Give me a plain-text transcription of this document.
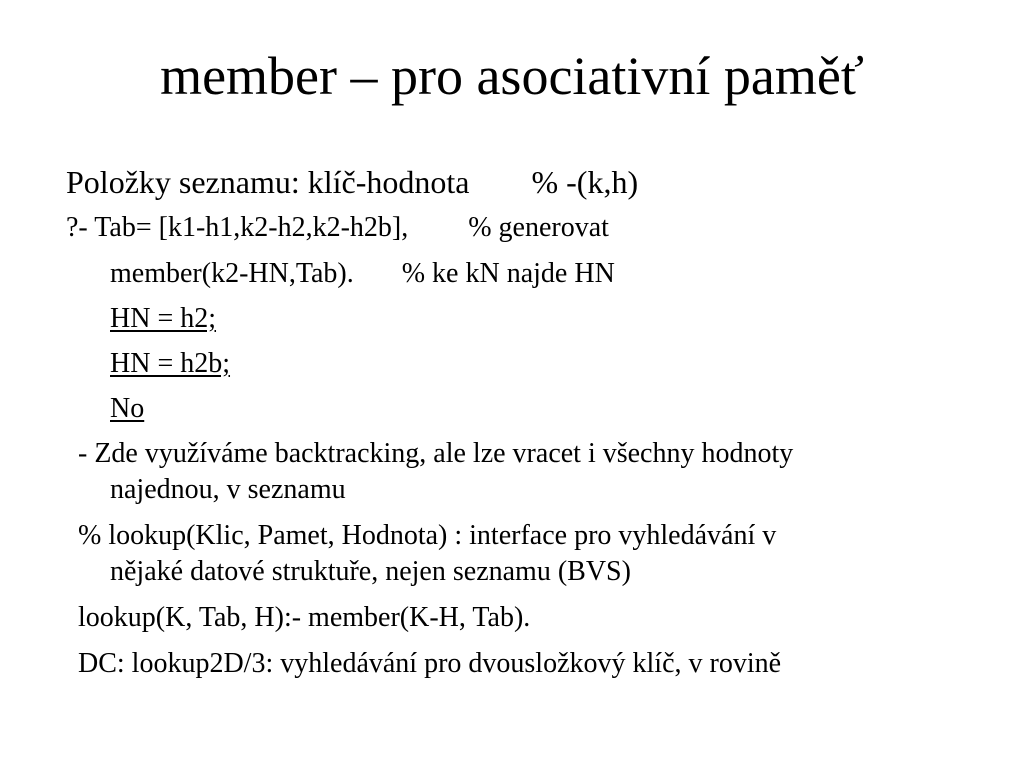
member – pro asociativní paměť
Položky seznamu: klíč-hodnota % -(k,h)
?- Tab= [k1-h1,k2-h2,k2-h2b], % generovat
member(k2-HN,Tab). % ke kN najde HN
HN = h2;
HN = h2b;
No
- Zde využíváme backtracking, ale lze vracet i všechny hodnoty
najednou, v seznamu
% lookup(Klic, Pamet, Hodnota) : interface pro vyhledávání v
nějaké datové struktuře, nejen seznamu (BVS)
lookup(K, Tab, H):- member(K-H, Tab).
DC: lookup2D/3: vyhledávání pro dvousložkový klíč, v rovině
